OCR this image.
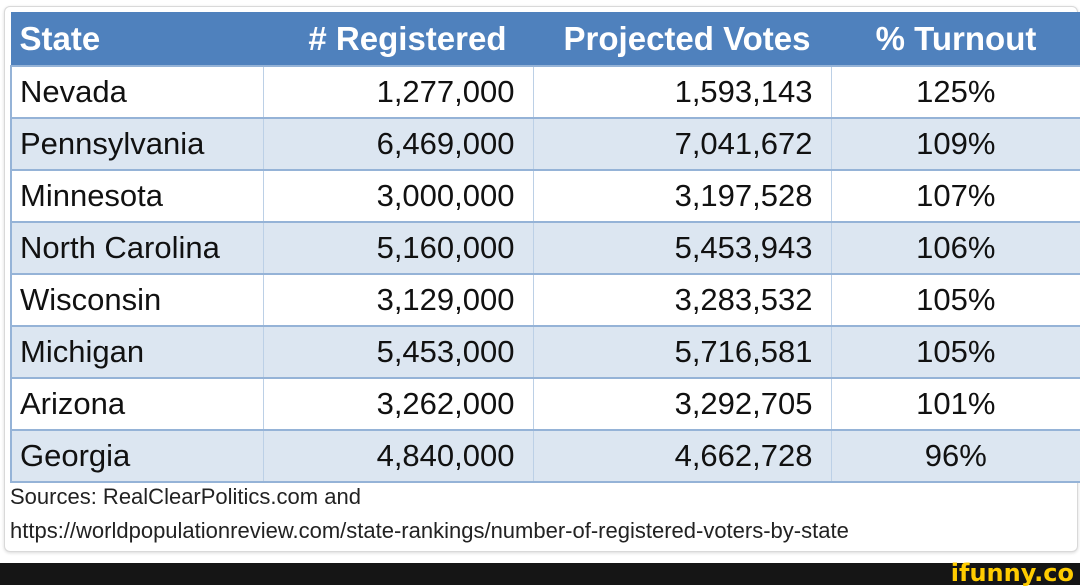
State	# Registered	Projected Votes	% Turnout
Nevada	1,277,000	1,593,143	125%
Pennsylvania	6,469,000	7,041,672	109%
Minnesota	3,000,000	3,197,528	107%
North Carolina	5,160,000	5,453,943	106%
Wisconsin	3,129,000	3,283,532	105%
Michigan	5,453,000	5,716,581	105%
Arizona	3,262,000	3,292,705	101%
Georgia	4,840,000	4,662,728	96%
Sources: RealClearPolitics.com and
https://worldpopulationreview.com/state-rankings/number-of-registered-voters-by-state
ifunny.co
